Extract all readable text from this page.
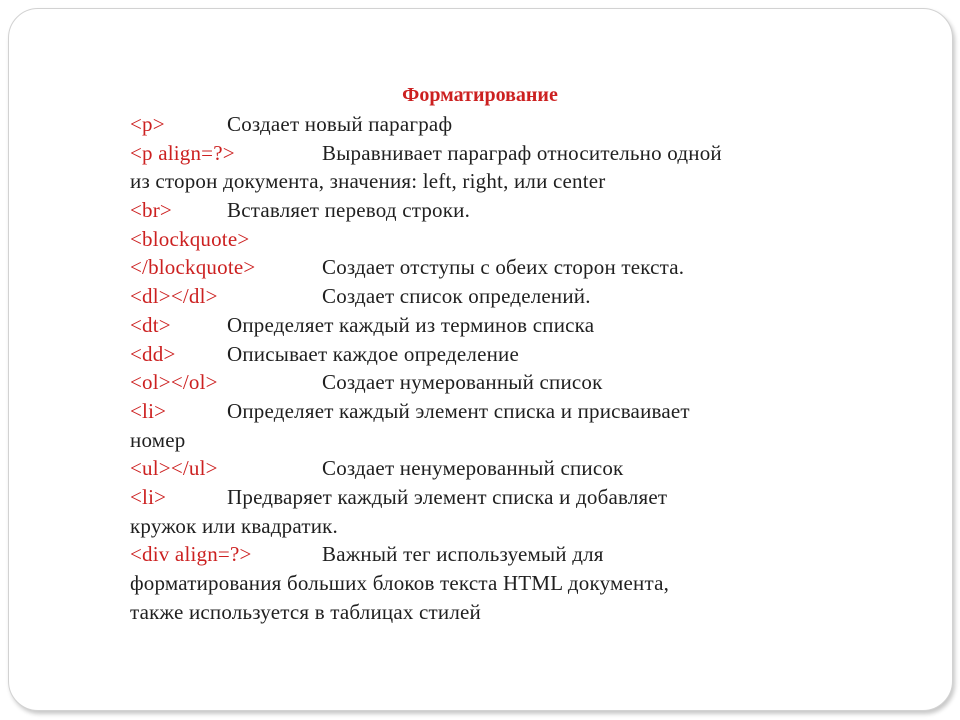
Форматирование
<p>	Создает новый параграф
<p align=?>	Выравнивает параграф относительно одной
из сторон документа, значения: left, right, или center
<br>	Вставляет перевод строки.
<blockquote>
</blockquote>	Создает отступы с обеих сторон текста.
<dl></dl>	Создает список определений.
<dt>	Определяет каждый из терминов списка
<dd> Описывает каждое определение
<ol></ol>	Создает нумерованный список
<li>	Определяет каждый элемент списка и присваивает
номер
<ul></ul>	Создает ненумерованный список
<li>	Предваряет каждый элемент списка и добавляет
кружок или квадратик.
<div align=?>	Важный тег используемый для
форматирования больших блоков текста HTML документа,
также используется в таблицах стилей
